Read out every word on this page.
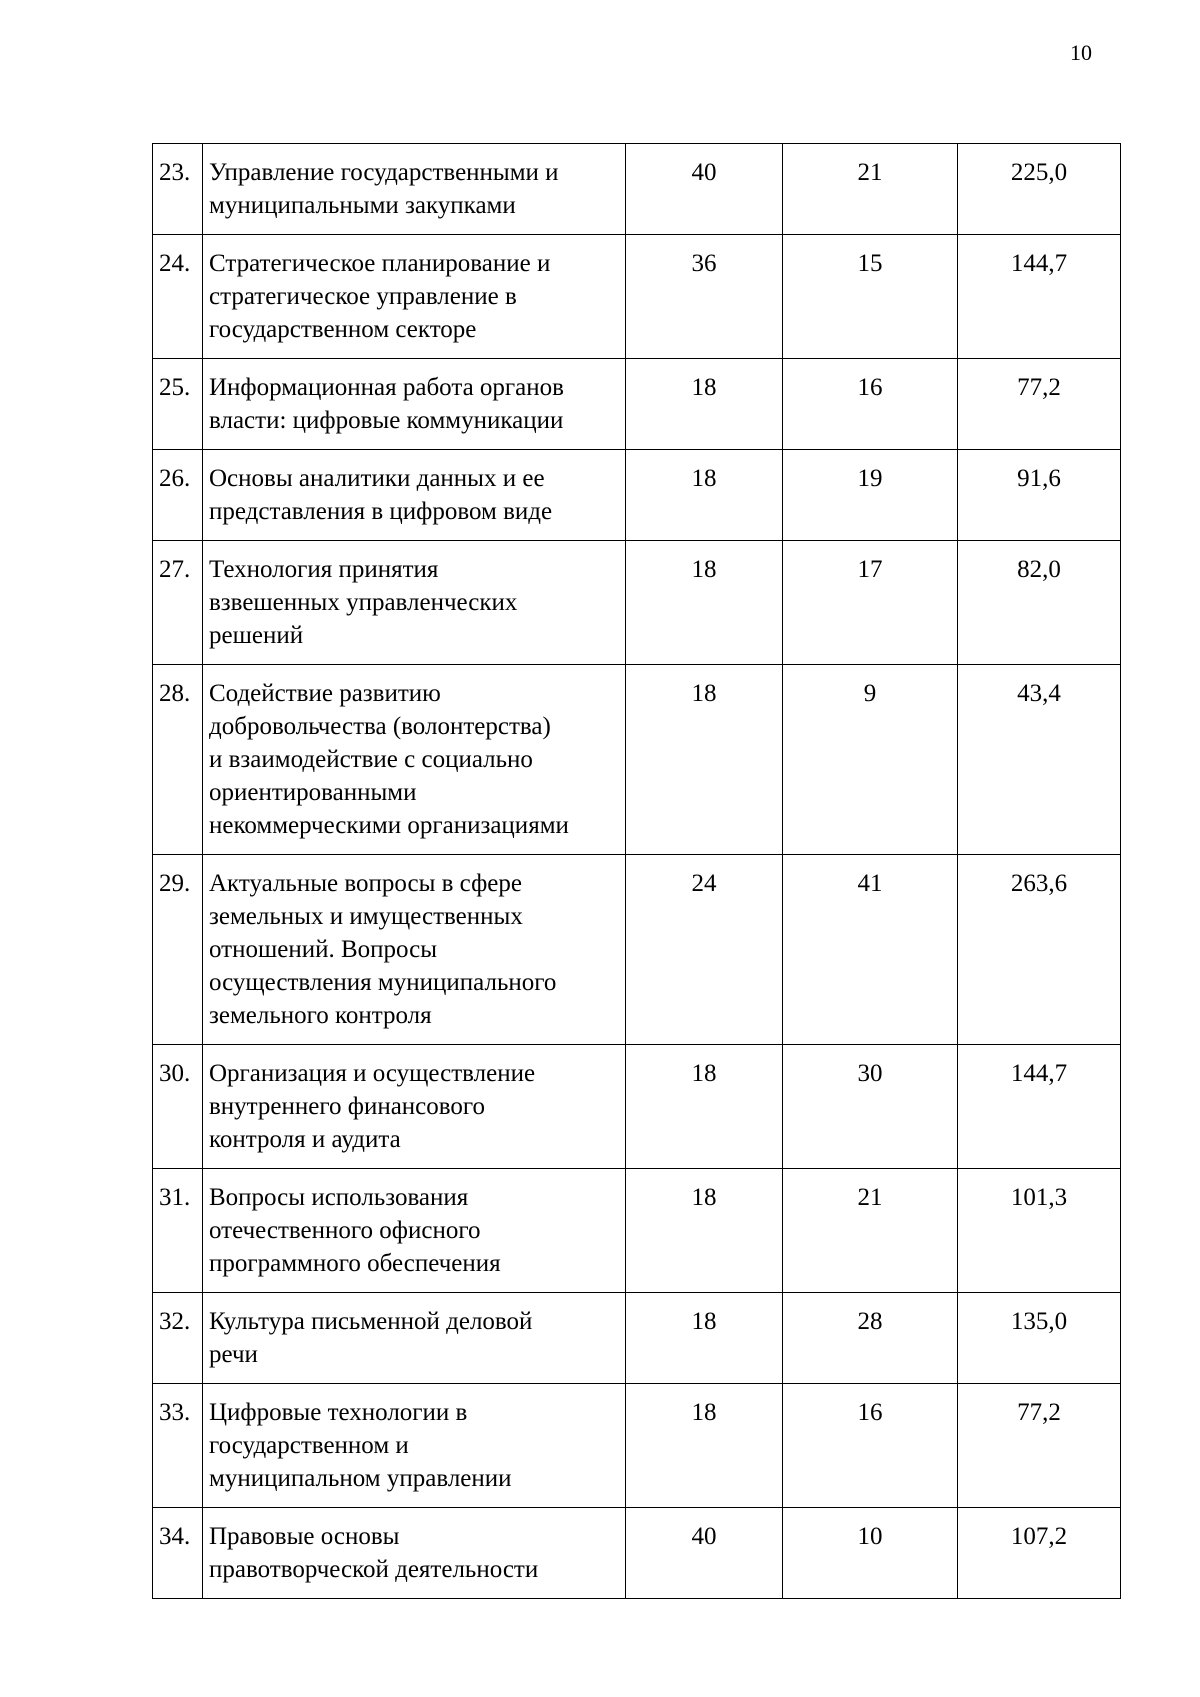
10
23.	Управление государственными и
муниципальными закупками	40	21	225,0
24.	Стратегическое планирование и
стратегическое управление в
государственном секторе	36	15	144,7
25.	Информационная работа органов
власти: цифровые коммуникации	18	16	77,2
26.	Основы аналитики данных и ее
представления в цифровом виде	18	19	91,6
27.	Технология принятия
взвешенных управленческих
решений	18	17	82,0
28.	Содействие развитию
добровольчества (волонтерства)
и взаимодействие с социально
ориентированными
некоммерческими организациями	18	9	43,4
29.	Актуальные вопросы в сфере
земельных и имущественных
отношений. Вопросы
осуществления муниципального
земельного контроля	24	41	263,6
30.	Организация и осуществление
внутреннего финансового
контроля и аудита	18	30	144,7
31.	Вопросы использования
отечественного офисного
программного обеспечения	18	21	101,3
32.	Культура письменной деловой
речи	18	28	135,0
33.	Цифровые технологии в
государственном и
муниципальном управлении	18	16	77,2
34.	Правовые основы
правотворческой деятельности	40	10	107,2
